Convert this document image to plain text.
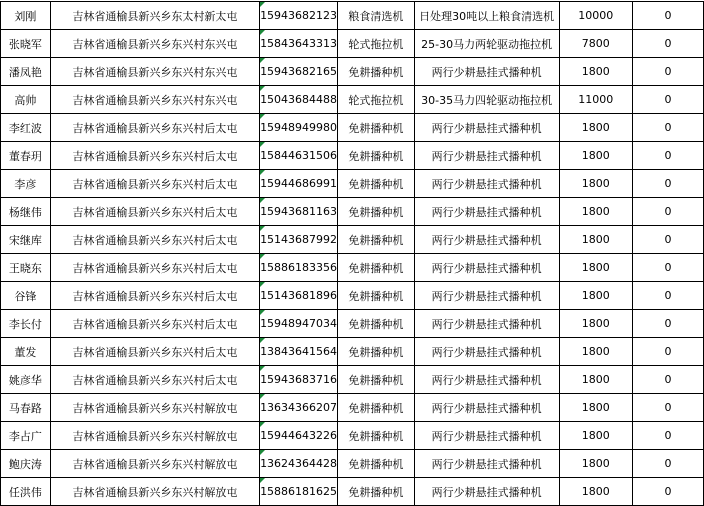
刘刚	吉林省通榆县新兴乡东太村新太屯	15943682123	粮食清选机	日处理30吨以上粮食清选机	10000	0
张晓军	吉林省通榆县新兴乡东兴村东兴屯	15843643313	轮式拖拉机	25-30马力两轮驱动拖拉机	7800	0
潘凤艳	吉林省通榆县新兴乡东兴村东兴屯	15943682165	免耕播种机	两行少耕悬挂式播种机	1800	0
高帅	吉林省通榆县新兴乡东兴村东兴屯	15043684488	轮式拖拉机	30-35马力四轮驱动拖拉机	11000	0
李红波	吉林省通榆县新兴乡东兴村后太屯	15948949980	免耕播种机	两行少耕悬挂式播种机	1800	0
董春玥	吉林省通榆县新兴乡东兴村后太屯	15844631506	免耕播种机	两行少耕悬挂式播种机	1800	0
李彦	吉林省通榆县新兴乡东兴村后太屯	15944686991	免耕播种机	两行少耕悬挂式播种机	1800	0
杨继伟	吉林省通榆县新兴乡东兴村后太屯	15943681163	免耕播种机	两行少耕悬挂式播种机	1800	0
宋继库	吉林省通榆县新兴乡东兴村后太屯	15143687992	免耕播种机	两行少耕悬挂式播种机	1800	0
王晓东	吉林省通榆县新兴乡东兴村后太屯	15886183356	免耕播种机	两行少耕悬挂式播种机	1800	0
谷锋	吉林省通榆县新兴乡东兴村后太屯	15143681896	免耕播种机	两行少耕悬挂式播种机	1800	0
李长付	吉林省通榆县新兴乡东兴村后太屯	15948947034	免耕播种机	两行少耕悬挂式播种机	1800	0
董发	吉林省通榆县新兴乡东兴村后太屯	13843641564	免耕播种机	两行少耕悬挂式播种机	1800	0
姚彦华	吉林省通榆县新兴乡东兴村后太屯	15943683716	免耕播种机	两行少耕悬挂式播种机	1800	0
马春路	吉林省通榆县新兴乡东兴村解放屯	13634366207	免耕播种机	两行少耕悬挂式播种机	1800	0
李占广	吉林省通榆县新兴乡东兴村解放屯	15944643226	免耕播种机	两行少耕悬挂式播种机	1800	0
鲍庆涛	吉林省通榆县新兴乡东兴村解放屯	13624364428	免耕播种机	两行少耕悬挂式播种机	1800	0
任洪伟	吉林省通榆县新兴乡东兴村解放屯	15886181625	免耕播种机	两行少耕悬挂式播种机	1800	0
